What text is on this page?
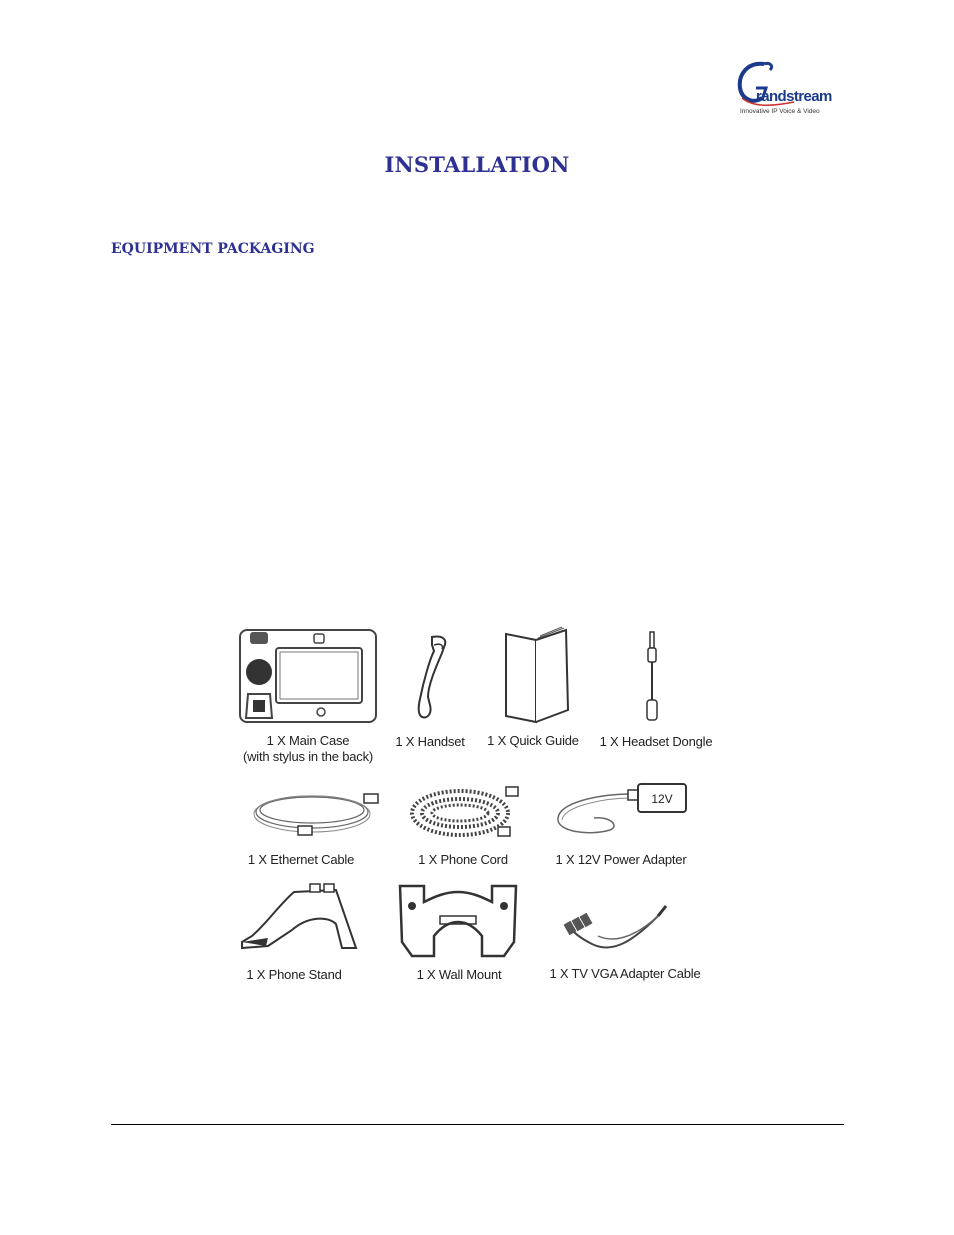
randstream
Innovative IP Voice & Video
INSTALLATION
EQUIPMENT PACKAGING
1 X Main Case
(with stylus in the back)
1 X Handset	1 X Quick Guide	1 X Headset Dongle
1 X Ethernet Cable	1 X Phone Cord
12V
1 X 12V Power Adapter
1 X Phone Stand	1 X Wall Mount	1 X TV VGA Adapter Cable
